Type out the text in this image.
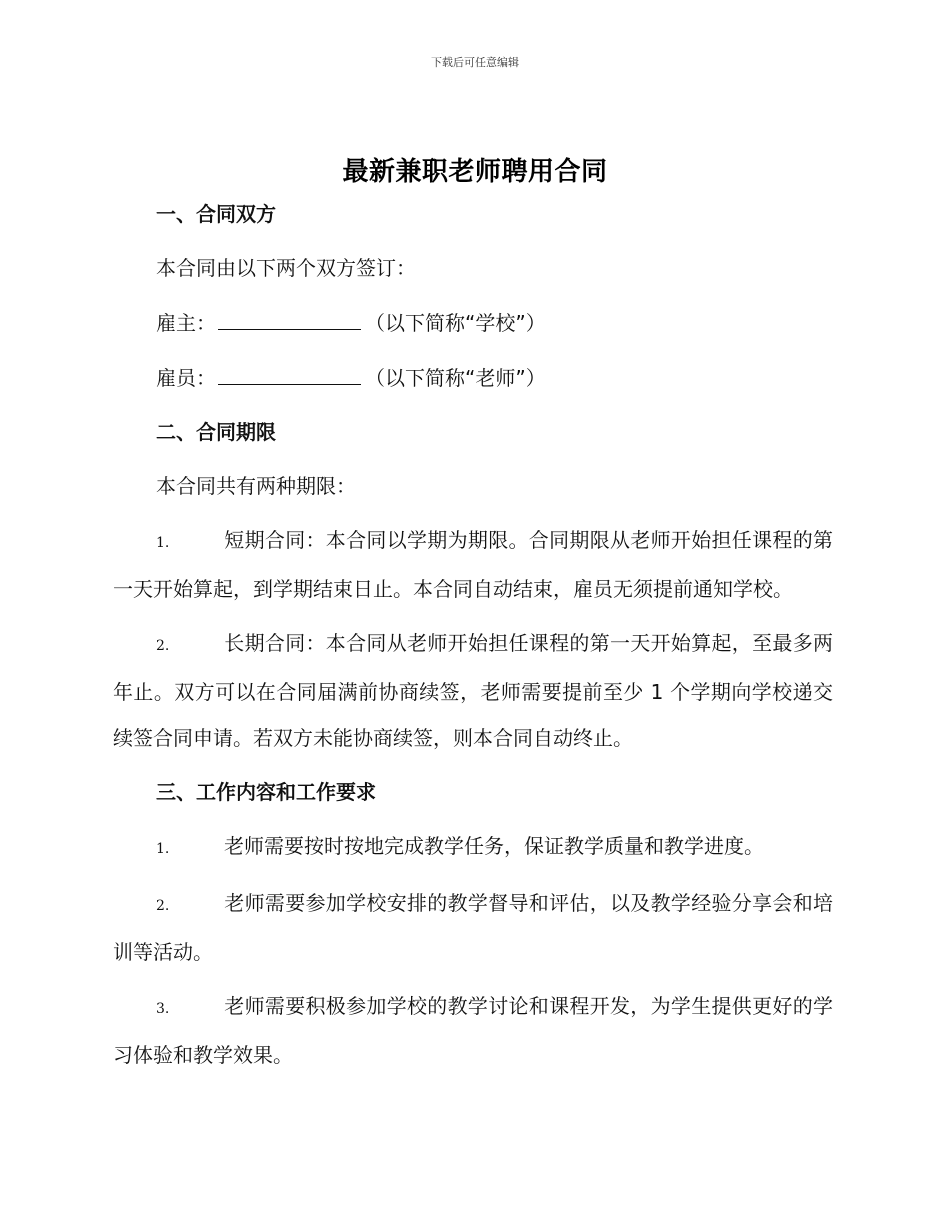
下载后可任意编辑
最新兼职老师聘用合同
一、合同双方
本合同由以下两个双方签订：
雇主：	（以下简称“学校”）
雇员：	（以下简称“老师”）
二、合同期限
本合同共有两种期限：
1.	短期合同：本合同以学期为期限。合同期限从老师开始担任课程的第一天开始算起，到学期结束日止。本合同自动结束，雇员无须提前通知学校。
2.	长期合同：本合同从老师开始担任课程的第一天开始算起，至最多两年止。双方可以在合同届满前协商续签，老师需要提前至少 1 个学期向学校递交续签合同申请。若双方未能协商续签，则本合同自动终止。
三、工作内容和工作要求
1.	老师需要按时按地完成教学任务，保证教学质量和教学进度。
2.	老师需要参加学校安排的教学督导和评估，以及教学经验分享会和培训等活动。
3.	老师需要积极参加学校的教学讨论和课程开发，为学生提供更好的学习体验和教学效果。
